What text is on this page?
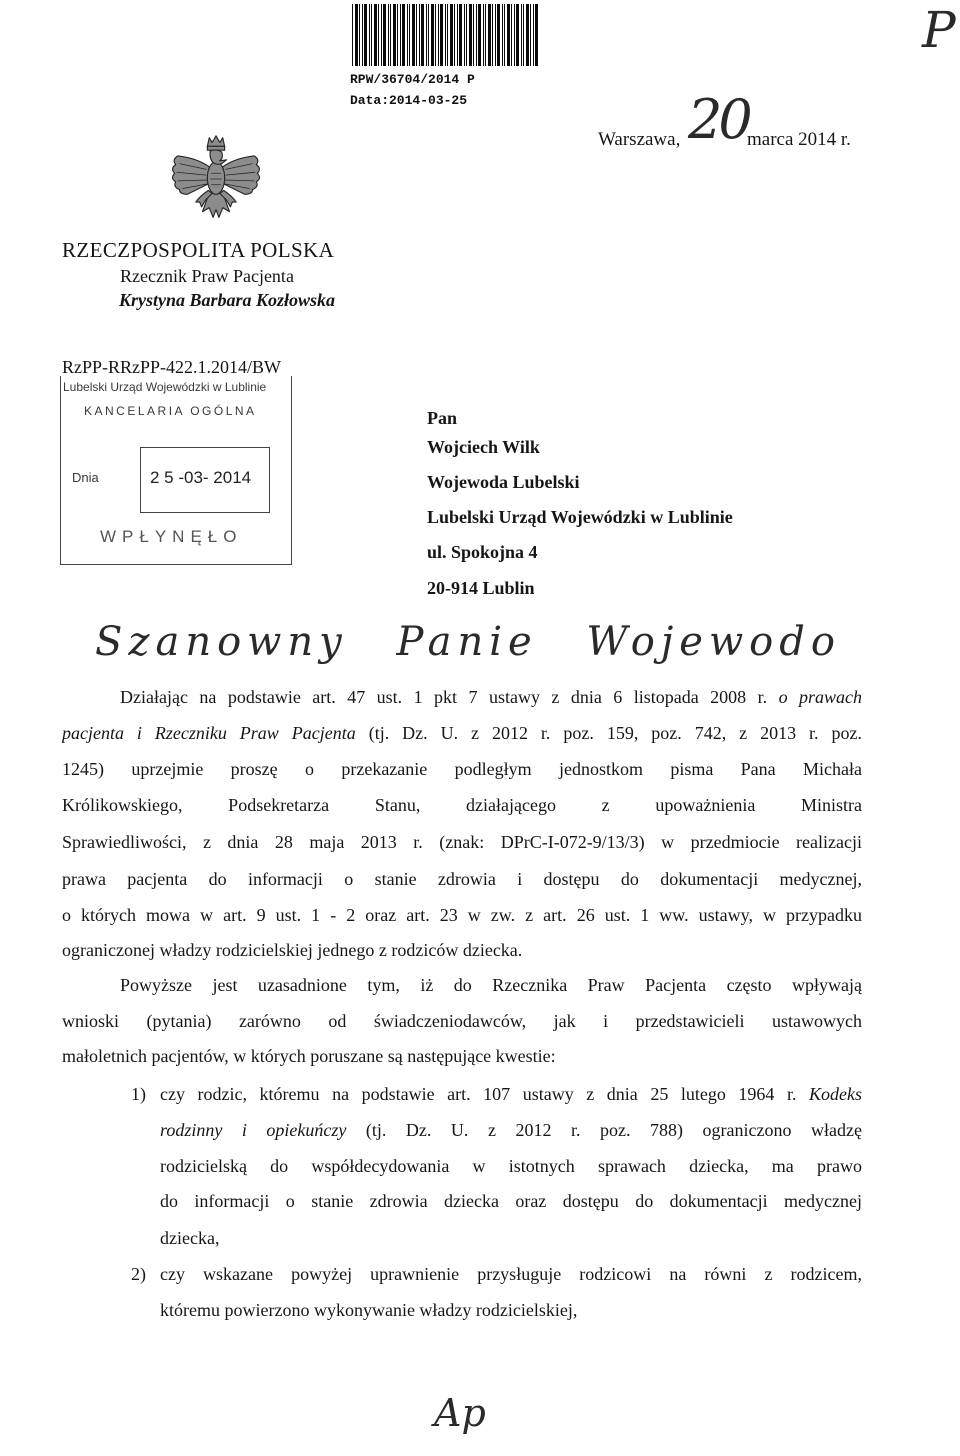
P
RPW/36704/2014 P
Data:2014-03-25
Warszawa, 20
marca 2014 r.
RZECZPOSPOLITA POLSKA
Rzecznik Praw Pacjenta
Krystyna Barbara Kozłowska
RzPP-RRzPP-422.1.2014/BW
Lubelski Urząd Wojewódzki w Lublinie
KANCELARIA OGÓLNA
Dnia	2 5 -03- 2014
WPŁYNĘŁO
Pan
Wojciech Wilk
Wojewoda Lubelski
Lubelski Urząd Wojewódzki w Lublinie
ul. Spokojna 4
20-914 Lublin
Szanowny Panie Wojewodo
Działając na podstawie art. 47 ust. 1 pkt 7 ustawy z dnia 6 listopada 2008 r. o prawach
pacjenta i Rzeczniku Praw Pacjenta (tj. Dz. U. z 2012 r. poz. 159, poz. 742, z 2013 r. poz.
1245) uprzejmie proszę o przekazanie podległym jednostkom pisma Pana Michała
Królikowskiego, Podsekretarza Stanu, działającego z upoważnienia Ministra
Sprawiedliwości, z dnia 28 maja 2013 r. (znak: DPrC-I-072-9/13/3) w przedmiocie realizacji
prawa pacjenta do informacji o stanie zdrowia i dostępu do dokumentacji medycznej,
o których mowa w art. 9 ust. 1 - 2 oraz art. 23 w zw. z art. 26 ust. 1 ww. ustawy, w przypadku
ograniczonej władzy rodzicielskiej jednego z rodziców dziecka.
Powyższe jest uzasadnione tym, iż do Rzecznika Praw Pacjenta często wpływają
wnioski (pytania) zarówno od świadczeniodawców, jak i przedstawicieli ustawowych
małoletnich pacjentów, w których poruszane są następujące kwestie:
1) czy rodzic, któremu na podstawie art. 107 ustawy z dnia 25 lutego 1964 r. Kodeks
rodzinny i opiekuńczy (tj. Dz. U. z 2012 r. poz. 788) ograniczono władzę
rodzicielską do współdecydowania w istotnych sprawach dziecka, ma prawo
do informacji o stanie zdrowia dziecka oraz dostępu do dokumentacji medycznej
dziecka,
2) czy wskazane powyżej uprawnienie przysługuje rodzicowi na równi z rodzicem,
któremu powierzono wykonywanie władzy rodzicielskiej,
Ap
